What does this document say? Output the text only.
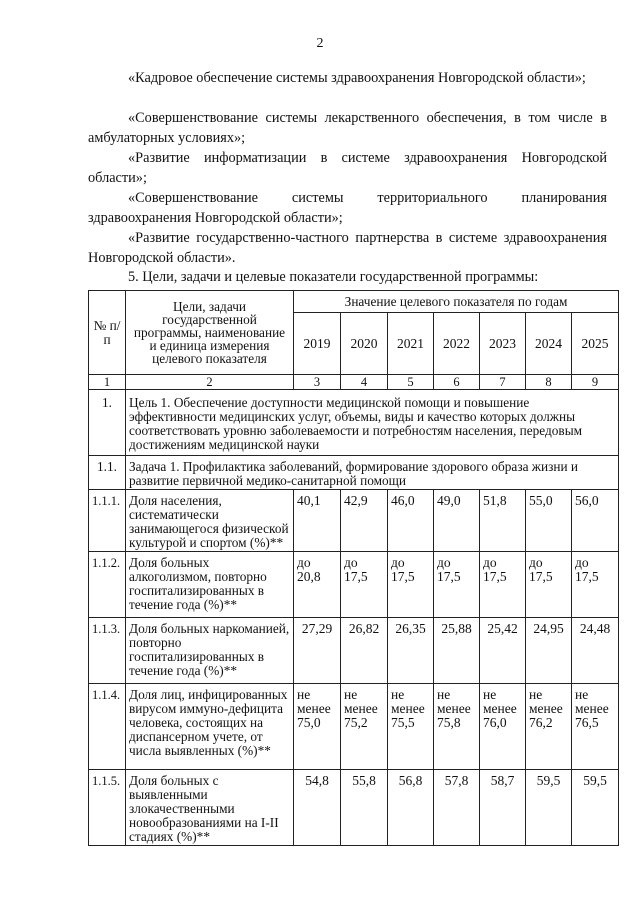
2

«Кадровое обеспечение системы здравоохранения Новгородской области»;

«Совершенствование системы лекарственного обеспечения, в том числе в амбулаторных условиях»;

«Развитие информатизации в системе здравоохранения Новгородской области»;

«Совершенствование системы территориального планирования здравоохранения Новгородской области»;

«Развитие государственно-частного партнерства в системе здравоохранения Новгородской области».

5. Цели, задачи и целевые показатели государственной программы:

№ п/п	Цели, задачи государственной программы, наименование и единица измерения целевого показателя	Значение целевого показателя по годам						
		2019	2020	2021	2022	2023	2024	2025
1	2	3	4	5	6	7	8	9
1.	Цель 1. Обеспечение доступности медицинской помощи и повышение эффективности медицинских услуг, объемы, виды и качество которых должны соответствовать уровню заболеваемости и потребностям населения, передовым достижениям медицинской науки							
1.1.	Задача 1. Профилактика заболеваний, формирование здорового образа жизни и развитие первичной медико-санитарной помощи							
1.1.1.	Доля населения, систематически занимающегося физической культурой и спортом (%)**	40,1	42,9	46,0	49,0	51,8	55,0	56,0
1.1.2.	Доля больных алкоголизмом, повторно госпитализированных в течение года (%)**	до 20,8	до 17,5	до 17,5	до 17,5	до 17,5	до 17,5	до 17,5
1.1.3.	Доля больных наркоманией, повторно госпитализированных в течение года (%)**	27,29	26,82	26,35	25,88	25,42	24,95	24,48
1.1.4.	Доля лиц, инфицированных вирусом иммуно-дефицита человека, состоящих на диспансерном учете, от числа выявленных (%)**	не менее 75,0	не менее 75,2	не менее 75,5	не менее 75,8	не менее 76,0	не менее 76,2	не менее 76,5
1.1.5.	Доля больных с выявленными злокачественными новообразованиями на I-II стадиях (%)**	54,8	55,8	56,8	57,8	58,7	59,5	59,5
